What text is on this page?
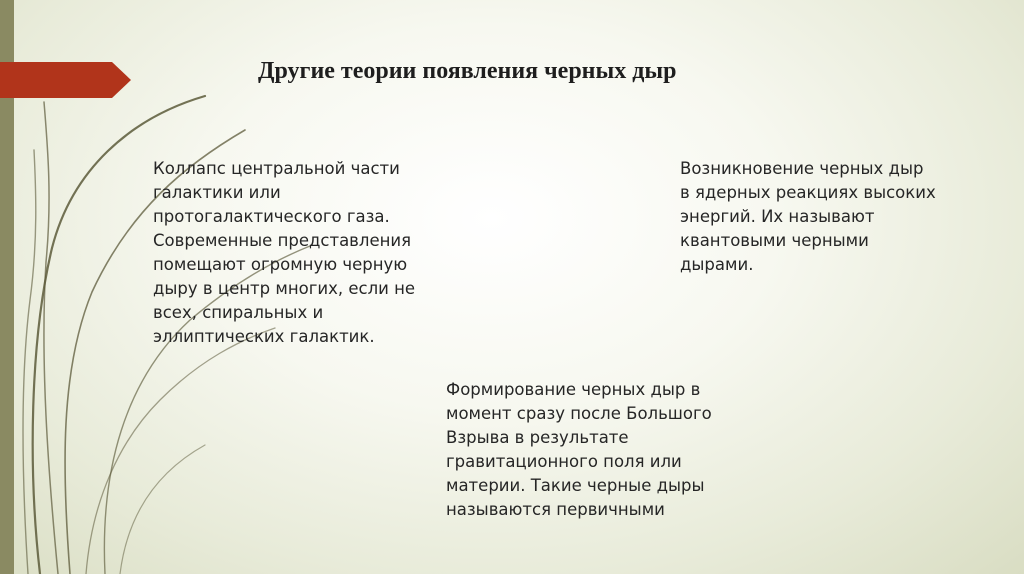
Другие теории появления черных дыр

Коллапс центральной части
галактики или
протогалактического газа.
Современные представления
помещают огромную черную
дыру в центр многих, если не
всех, спиральных и
эллиптических галактик.

Возникновение черных дыр
в ядерных реакциях высоких
энергий. Их называют
квантовыми черными
дырами.

Формирование черных дыр в
момент сразу после Большого
Взрыва в результате
гравитационного поля или
материи. Такие черные дыры
называются первичными
